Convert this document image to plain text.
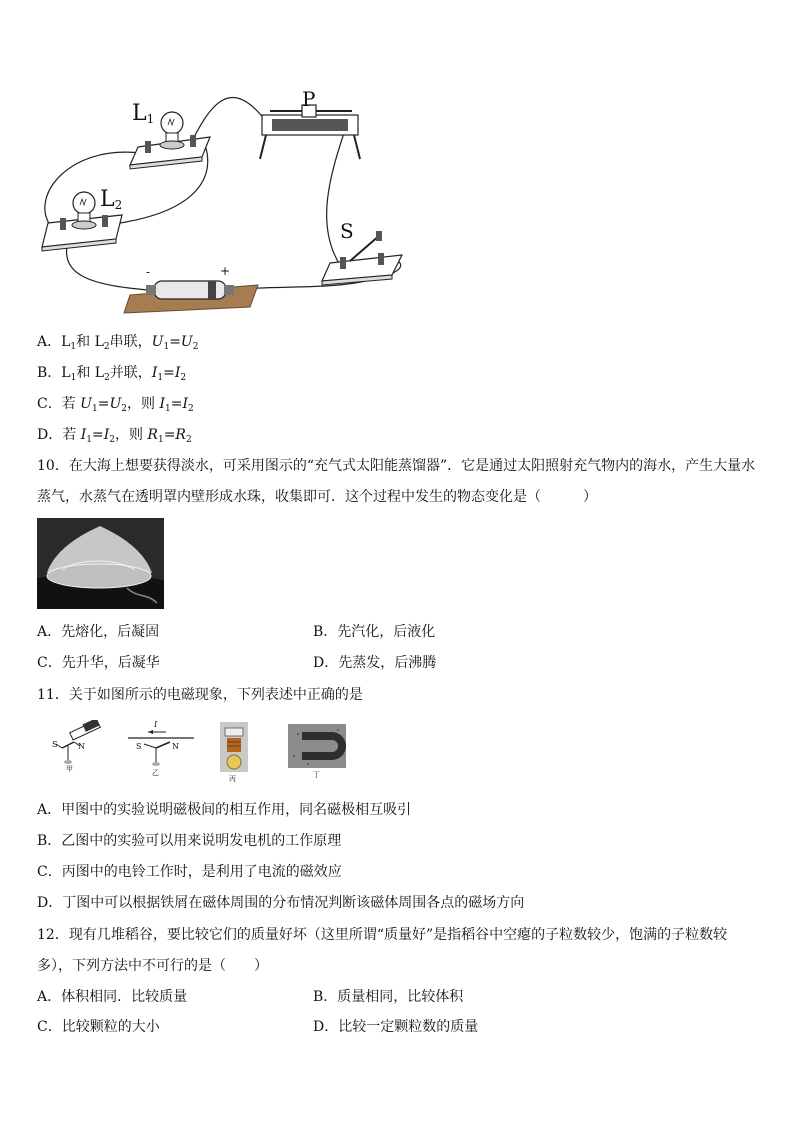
$L_1$
$L_2$
P
S
-	+
A．$L_1$和 $L_2$串联，$U_1=U_2$
B．$L_1$和 $L_2$并联，$I_1=I_2$
C．若 $U_1=U_2$，则 $I_1=I_2$
D．若 $I_1=I_2$，则 $R_1=R_2$
10．在大海上想要获得淡水，可采用图示的“充气式太阳能蒸馏器”．它是通过太阳照射充气物内的海水，产生大量水
蒸气，水蒸气在透明罩内壁形成水珠，收集即可．这个过程中发生的物态变化是（　　　）
A．先熔化，后凝固	B．先汽化，后液化
C．先升华，后凝华	D．先蒸发，后沸腾
11．关于如图所示的电磁现象，下列表述中正确的是
S	N
甲
I
S	N
乙
丙	丁
A．甲图中的实验说明磁极间的相互作用，同名磁极相互吸引
B．乙图中的实验可以用来说明发电机的工作原理
C．丙图中的电铃工作时，是利用了电流的磁效应
D．丁图中可以根据铁屑在磁体周围的分布情况判断该磁体周围各点的磁场方向
12．现有几堆稻谷，要比较它们的质量好坏（这里所谓“质量好”是指稻谷中空瘪的子粒数较少，饱满的子粒数较
多），下列方法中不可行的是（　　）
A．体积相同．比较质量	B．质量相同，比较体积
C．比较颗粒的大小	D．比较一定颗粒数的质量
